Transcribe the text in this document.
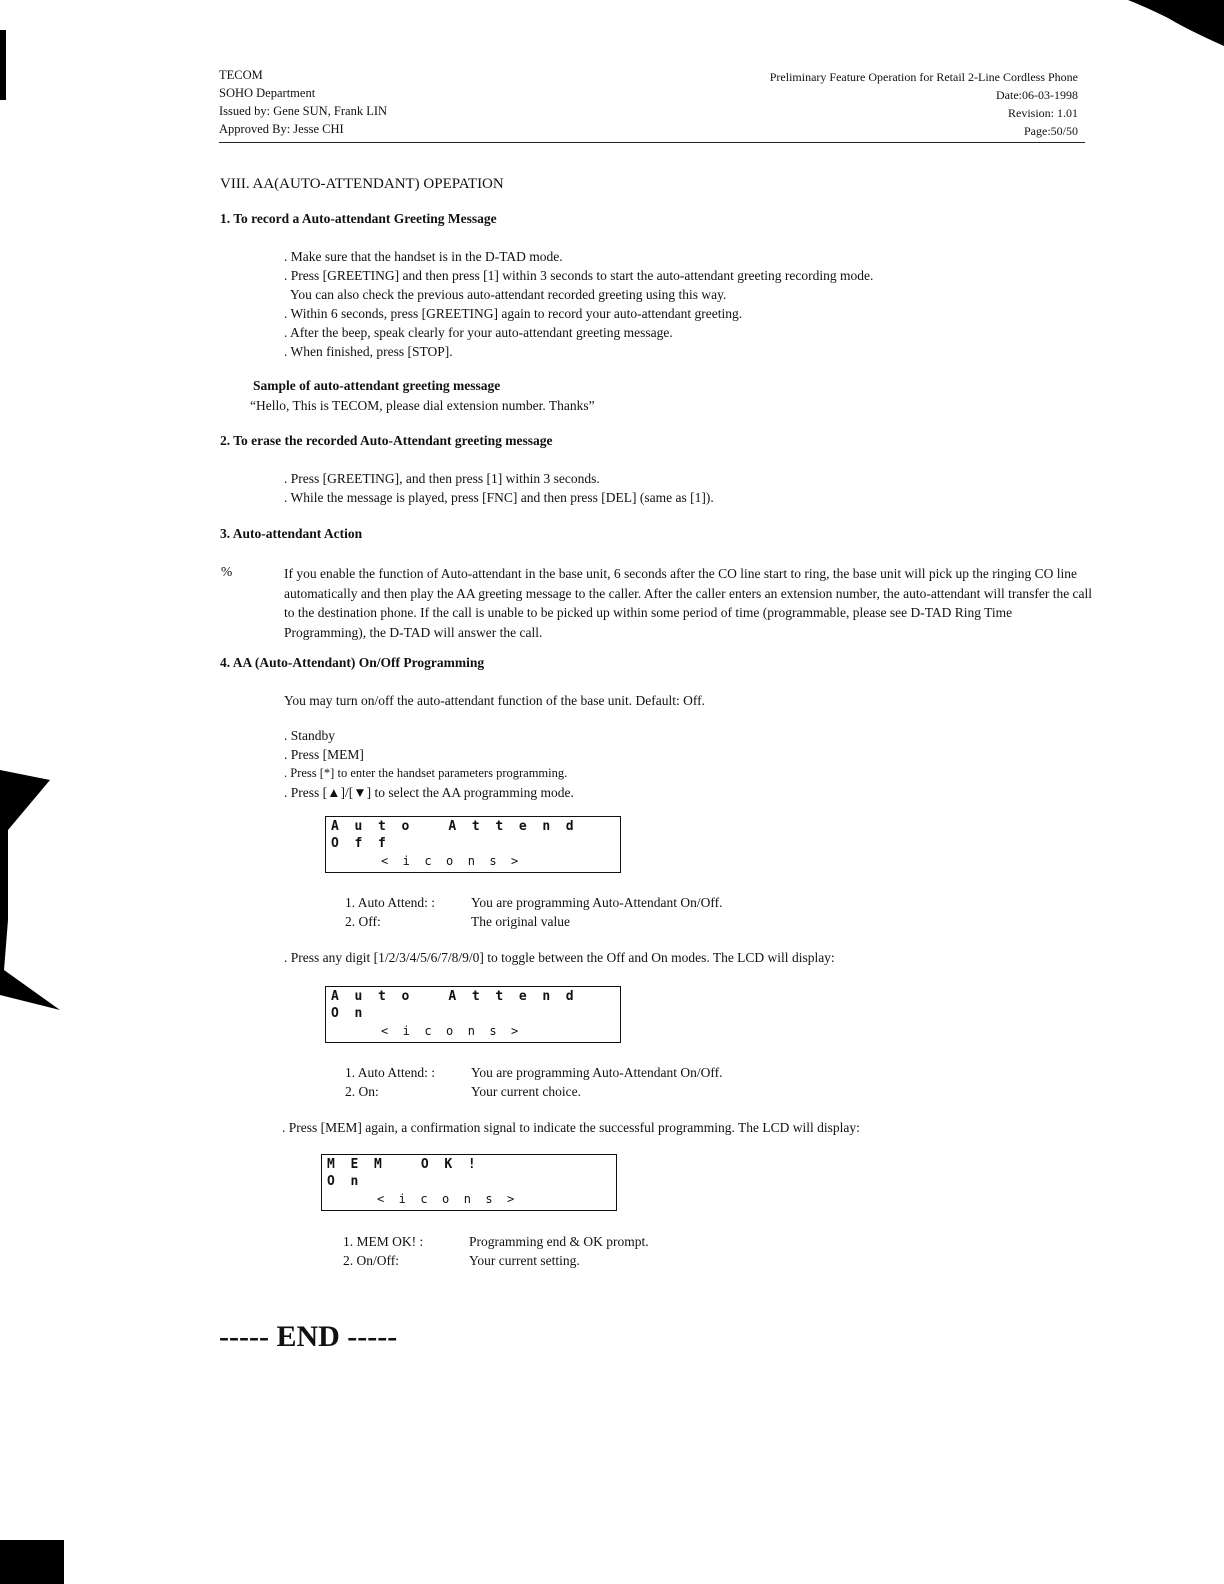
TECOM
SOHO Department
Issued by: Gene SUN, Frank LIN
Approved By: Jesse CHI
Preliminary Feature Operation for Retail 2-Line Cordless Phone
Date:06-03-1998
Revision: 1.01
Page:50/50
VIII. AA(AUTO-ATTENDANT) OPEPATION
1. To record a Auto-attendant Greeting Message
. Make sure that the handset is in the D-TAD mode.
. Press [GREETING] and then press [1] within 3 seconds to start the auto-attendant greeting recording mode.
You can also check the previous auto-attendant recorded greeting using this way.
. Within 6 seconds, press [GREETING] again to record your auto-attendant greeting.
. After the beep, speak clearly for your auto-attendant greeting message.
. When finished, press [STOP].
Sample of auto-attendant greeting message
“Hello, This is TECOM, please dial extension number. Thanks”
2. To erase the recorded Auto-Attendant greeting message
. Press [GREETING], and then press [1] within 3 seconds.
. While the message is played, press [FNC] and then press [DEL] (same as [1]).
3. Auto-attendant Action
%	If you enable the function of Auto-attendant in the base unit, 6 seconds after the CO line start to ring, the base unit will pick up the ringing CO line automatically and then play the AA greeting message to the caller. After the caller enters an extension number, the auto-attendant will transfer the call to the destination phone. If the call is unable to be picked up within some period of time (programmable, please see D-TAD Ring Time Programming), the D-TAD will answer the call.
4. AA (Auto-Attendant) On/Off Programming
You may turn on/off the auto-attendant function of the base unit. Default: Off.
. Standby
. Press [MEM]
. Press [*] to enter the handset parameters programming.
. Press [▲]/[▼] to select the AA programming mode.
A  u  t  o     A  t  t  e  n  d
O  f  f
<  i  c  o  n  s  >
1. Auto Attend: :	You are programming Auto-Attendant On/Off.
2. Off:	The original value
. Press any digit [1/2/3/4/5/6/7/8/9/0] to toggle between the Off and On modes. The LCD will display:
A  u  t  o     A  t  t  e  n  d
O  n
<  i  c  o  n  s  >
1. Auto Attend: :	You are programming Auto-Attendant On/Off.
2. On:	Your current choice.
. Press [MEM] again, a confirmation signal to indicate the successful programming. The LCD will display:
M  E  M     O  K  !
O  n
<  i  c  o  n  s  >
1. MEM OK! :	Programming end & OK prompt.
2. On/Off:	Your current setting.
----- END -----
